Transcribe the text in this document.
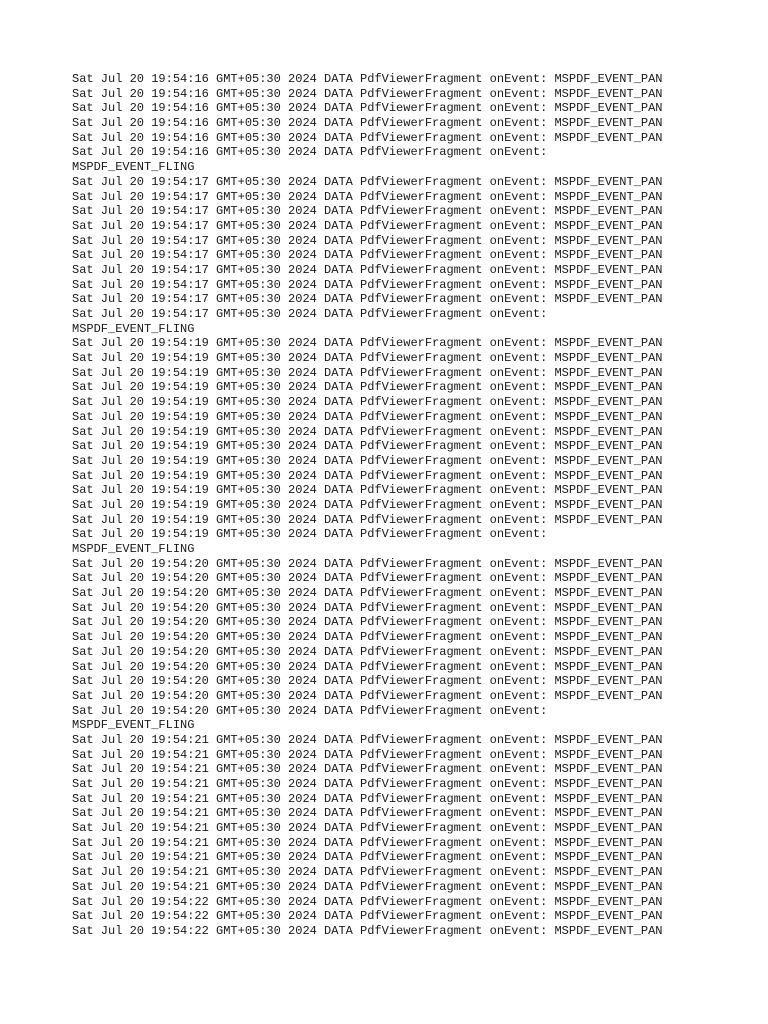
Sat Jul 20 19:54:16 GMT+05:30 2024 DATA PdfViewerFragment onEvent: MSPDF_EVENT_PAN
Sat Jul 20 19:54:16 GMT+05:30 2024 DATA PdfViewerFragment onEvent: MSPDF_EVENT_PAN
Sat Jul 20 19:54:16 GMT+05:30 2024 DATA PdfViewerFragment onEvent: MSPDF_EVENT_PAN
Sat Jul 20 19:54:16 GMT+05:30 2024 DATA PdfViewerFragment onEvent: MSPDF_EVENT_PAN
Sat Jul 20 19:54:16 GMT+05:30 2024 DATA PdfViewerFragment onEvent: MSPDF_EVENT_PAN
Sat Jul 20 19:54:16 GMT+05:30 2024 DATA PdfViewerFragment onEvent:
MSPDF_EVENT_FLING
Sat Jul 20 19:54:17 GMT+05:30 2024 DATA PdfViewerFragment onEvent: MSPDF_EVENT_PAN
Sat Jul 20 19:54:17 GMT+05:30 2024 DATA PdfViewerFragment onEvent: MSPDF_EVENT_PAN
Sat Jul 20 19:54:17 GMT+05:30 2024 DATA PdfViewerFragment onEvent: MSPDF_EVENT_PAN
Sat Jul 20 19:54:17 GMT+05:30 2024 DATA PdfViewerFragment onEvent: MSPDF_EVENT_PAN
Sat Jul 20 19:54:17 GMT+05:30 2024 DATA PdfViewerFragment onEvent: MSPDF_EVENT_PAN
Sat Jul 20 19:54:17 GMT+05:30 2024 DATA PdfViewerFragment onEvent: MSPDF_EVENT_PAN
Sat Jul 20 19:54:17 GMT+05:30 2024 DATA PdfViewerFragment onEvent: MSPDF_EVENT_PAN
Sat Jul 20 19:54:17 GMT+05:30 2024 DATA PdfViewerFragment onEvent: MSPDF_EVENT_PAN
Sat Jul 20 19:54:17 GMT+05:30 2024 DATA PdfViewerFragment onEvent: MSPDF_EVENT_PAN
Sat Jul 20 19:54:17 GMT+05:30 2024 DATA PdfViewerFragment onEvent:
MSPDF_EVENT_FLING
Sat Jul 20 19:54:19 GMT+05:30 2024 DATA PdfViewerFragment onEvent: MSPDF_EVENT_PAN
Sat Jul 20 19:54:19 GMT+05:30 2024 DATA PdfViewerFragment onEvent: MSPDF_EVENT_PAN
Sat Jul 20 19:54:19 GMT+05:30 2024 DATA PdfViewerFragment onEvent: MSPDF_EVENT_PAN
Sat Jul 20 19:54:19 GMT+05:30 2024 DATA PdfViewerFragment onEvent: MSPDF_EVENT_PAN
Sat Jul 20 19:54:19 GMT+05:30 2024 DATA PdfViewerFragment onEvent: MSPDF_EVENT_PAN
Sat Jul 20 19:54:19 GMT+05:30 2024 DATA PdfViewerFragment onEvent: MSPDF_EVENT_PAN
Sat Jul 20 19:54:19 GMT+05:30 2024 DATA PdfViewerFragment onEvent: MSPDF_EVENT_PAN
Sat Jul 20 19:54:19 GMT+05:30 2024 DATA PdfViewerFragment onEvent: MSPDF_EVENT_PAN
Sat Jul 20 19:54:19 GMT+05:30 2024 DATA PdfViewerFragment onEvent: MSPDF_EVENT_PAN
Sat Jul 20 19:54:19 GMT+05:30 2024 DATA PdfViewerFragment onEvent: MSPDF_EVENT_PAN
Sat Jul 20 19:54:19 GMT+05:30 2024 DATA PdfViewerFragment onEvent: MSPDF_EVENT_PAN
Sat Jul 20 19:54:19 GMT+05:30 2024 DATA PdfViewerFragment onEvent: MSPDF_EVENT_PAN
Sat Jul 20 19:54:19 GMT+05:30 2024 DATA PdfViewerFragment onEvent: MSPDF_EVENT_PAN
Sat Jul 20 19:54:19 GMT+05:30 2024 DATA PdfViewerFragment onEvent:
MSPDF_EVENT_FLING
Sat Jul 20 19:54:20 GMT+05:30 2024 DATA PdfViewerFragment onEvent: MSPDF_EVENT_PAN
Sat Jul 20 19:54:20 GMT+05:30 2024 DATA PdfViewerFragment onEvent: MSPDF_EVENT_PAN
Sat Jul 20 19:54:20 GMT+05:30 2024 DATA PdfViewerFragment onEvent: MSPDF_EVENT_PAN
Sat Jul 20 19:54:20 GMT+05:30 2024 DATA PdfViewerFragment onEvent: MSPDF_EVENT_PAN
Sat Jul 20 19:54:20 GMT+05:30 2024 DATA PdfViewerFragment onEvent: MSPDF_EVENT_PAN
Sat Jul 20 19:54:20 GMT+05:30 2024 DATA PdfViewerFragment onEvent: MSPDF_EVENT_PAN
Sat Jul 20 19:54:20 GMT+05:30 2024 DATA PdfViewerFragment onEvent: MSPDF_EVENT_PAN
Sat Jul 20 19:54:20 GMT+05:30 2024 DATA PdfViewerFragment onEvent: MSPDF_EVENT_PAN
Sat Jul 20 19:54:20 GMT+05:30 2024 DATA PdfViewerFragment onEvent: MSPDF_EVENT_PAN
Sat Jul 20 19:54:20 GMT+05:30 2024 DATA PdfViewerFragment onEvent: MSPDF_EVENT_PAN
Sat Jul 20 19:54:20 GMT+05:30 2024 DATA PdfViewerFragment onEvent:
MSPDF_EVENT_FLING
Sat Jul 20 19:54:21 GMT+05:30 2024 DATA PdfViewerFragment onEvent: MSPDF_EVENT_PAN
Sat Jul 20 19:54:21 GMT+05:30 2024 DATA PdfViewerFragment onEvent: MSPDF_EVENT_PAN
Sat Jul 20 19:54:21 GMT+05:30 2024 DATA PdfViewerFragment onEvent: MSPDF_EVENT_PAN
Sat Jul 20 19:54:21 GMT+05:30 2024 DATA PdfViewerFragment onEvent: MSPDF_EVENT_PAN
Sat Jul 20 19:54:21 GMT+05:30 2024 DATA PdfViewerFragment onEvent: MSPDF_EVENT_PAN
Sat Jul 20 19:54:21 GMT+05:30 2024 DATA PdfViewerFragment onEvent: MSPDF_EVENT_PAN
Sat Jul 20 19:54:21 GMT+05:30 2024 DATA PdfViewerFragment onEvent: MSPDF_EVENT_PAN
Sat Jul 20 19:54:21 GMT+05:30 2024 DATA PdfViewerFragment onEvent: MSPDF_EVENT_PAN
Sat Jul 20 19:54:21 GMT+05:30 2024 DATA PdfViewerFragment onEvent: MSPDF_EVENT_PAN
Sat Jul 20 19:54:21 GMT+05:30 2024 DATA PdfViewerFragment onEvent: MSPDF_EVENT_PAN
Sat Jul 20 19:54:21 GMT+05:30 2024 DATA PdfViewerFragment onEvent: MSPDF_EVENT_PAN
Sat Jul 20 19:54:22 GMT+05:30 2024 DATA PdfViewerFragment onEvent: MSPDF_EVENT_PAN
Sat Jul 20 19:54:22 GMT+05:30 2024 DATA PdfViewerFragment onEvent: MSPDF_EVENT_PAN
Sat Jul 20 19:54:22 GMT+05:30 2024 DATA PdfViewerFragment onEvent: MSPDF_EVENT_PAN
